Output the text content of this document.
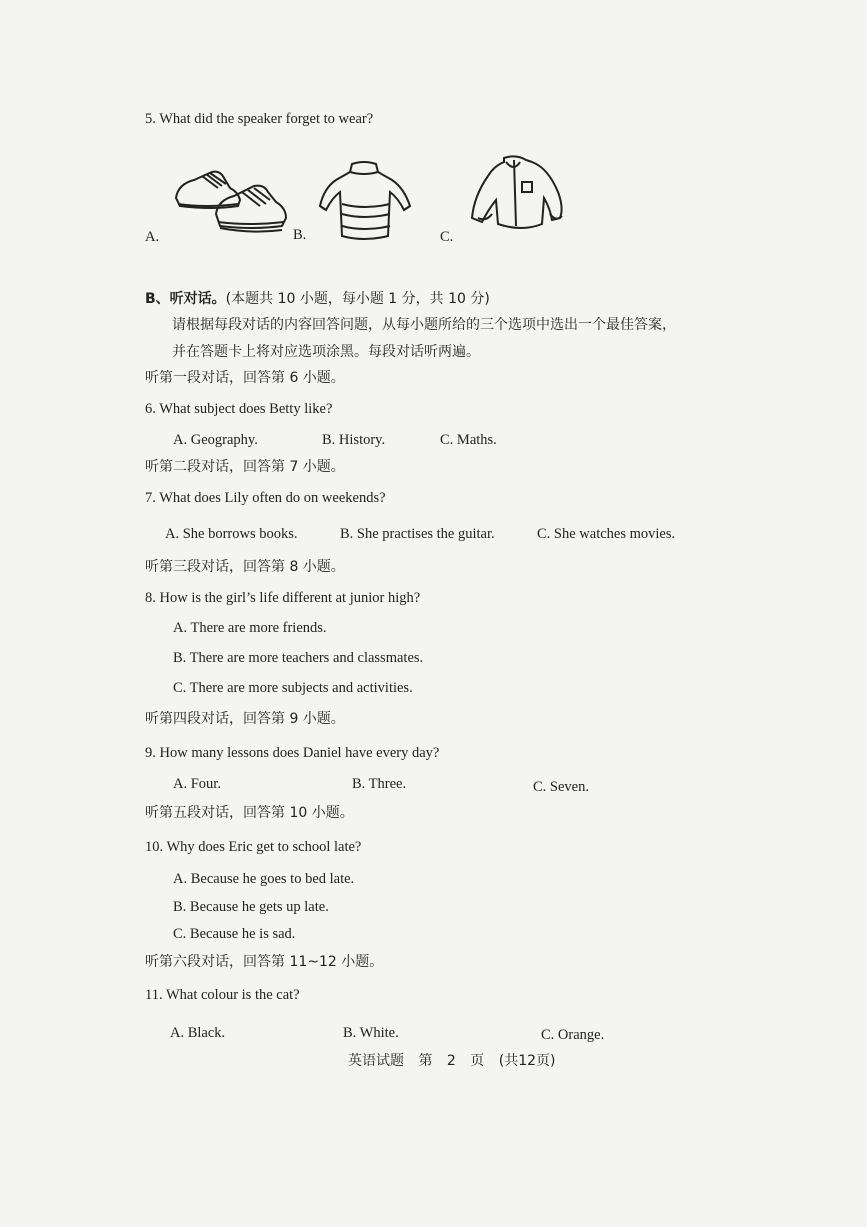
5. What did the speaker forget to wear?
A.	B.	C.
B、听对话。(本题共 10 小题，每小题 1 分，共 10 分)
请根据每段对话的内容回答问题，从每小题所给的三个选项中选出一个最佳答案，
并在答题卡上将对应选项涂黑。每段对话听两遍。
听第一段对话，回答第 6 小题。
6. What subject does Betty like?
A. Geography.	B. History.	C. Maths.
听第二段对话，回答第 7 小题。
7. What does Lily often do on weekends?
A. She borrows books.	B. She practises the guitar.	C. She watches movies.
听第三段对话，回答第 8 小题。
8. How is the girl’s life different at junior high?
A. There are more friends.
B. There are more teachers and classmates.
C. There are more subjects and activities.
听第四段对话，回答第 9 小题。
9. How many lessons does Daniel have every day?
A. Four.	B. Three.	C. Seven.
听第五段对话，回答第 10 小题。
10. Why does Eric get to school late?
A. Because he goes to bed late.
B. Because he gets up late.
C. Because he is sad.
听第六段对话，回答第 11~12 小题。
11. What colour is the cat?
A. Black.	B. White.	C. Orange.
英语试题 第 2 页 (共12页)
